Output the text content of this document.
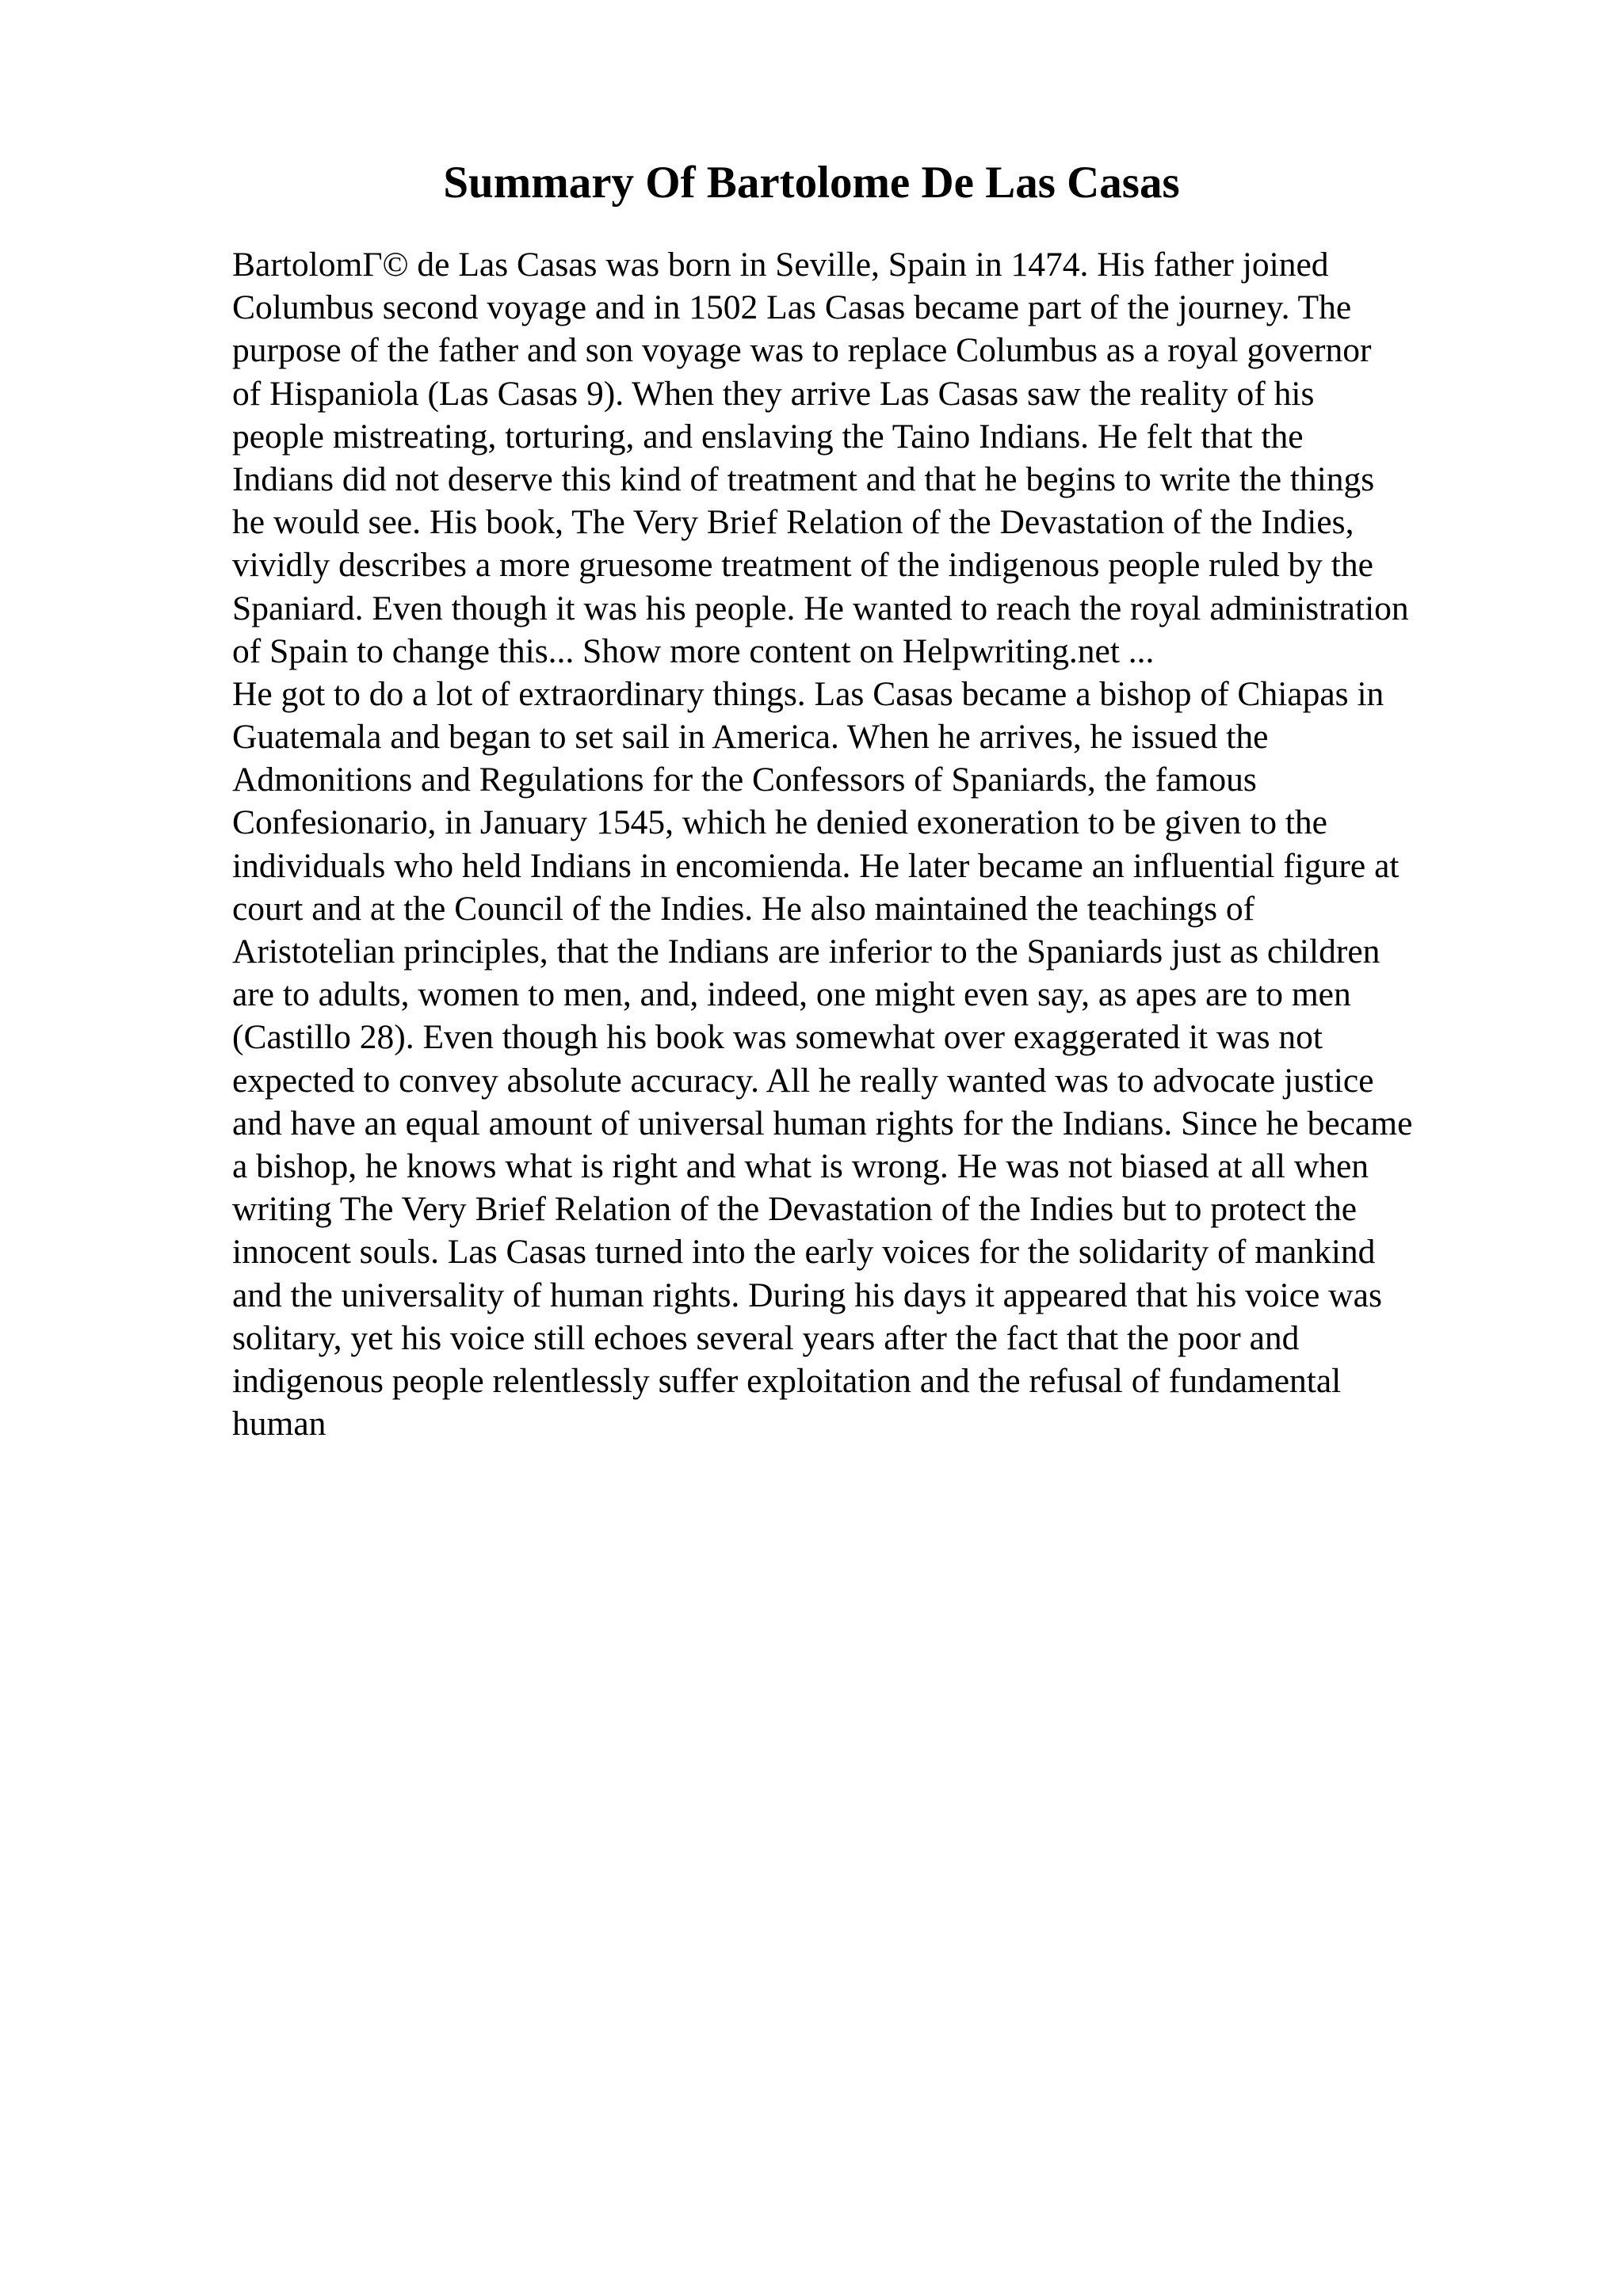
Summary Of Bartolome De Las Casas
BartolomГ© de Las Casas was born in Seville, Spain in 1474. His father joined
Columbus second voyage and in 1502 Las Casas became part of the journey. The
purpose of the father and son voyage was to replace Columbus as a royal governor
of Hispaniola (Las Casas 9). When they arrive Las Casas saw the reality of his
people mistreating, torturing, and enslaving the Taino Indians. He felt that the
Indians did not deserve this kind of treatment and that he begins to write the things
he would see. His book, The Very Brief Relation of the Devastation of the Indies,
vividly describes a more gruesome treatment of the indigenous people ruled by the
Spaniard. Even though it was his people. He wanted to reach the royal administration
of Spain to change this... Show more content on Helpwriting.net ...
He got to do a lot of extraordinary things. Las Casas became a bishop of Chiapas in
Guatemala and began to set sail in America. When he arrives, he issued the
Admonitions and Regulations for the Confessors of Spaniards, the famous
Confesionario, in January 1545, which he denied exoneration to be given to the
individuals who held Indians in encomienda. He later became an influential figure at
court and at the Council of the Indies. He also maintained the teachings of
Aristotelian principles, that the Indians are inferior to the Spaniards just as children
are to adults, women to men, and, indeed, one might even say, as apes are to men
(Castillo 28). Even though his book was somewhat over exaggerated it was not
expected to convey absolute accuracy. All he really wanted was to advocate justice
and have an equal amount of universal human rights for the Indians. Since he became
a bishop, he knows what is right and what is wrong. He was not biased at all when
writing The Very Brief Relation of the Devastation of the Indies but to protect the
innocent souls. Las Casas turned into the early voices for the solidarity of mankind
and the universality of human rights. During his days it appeared that his voice was
solitary, yet his voice still echoes several years after the fact that the poor and
indigenous people relentlessly suffer exploitation and the refusal of fundamental
human
